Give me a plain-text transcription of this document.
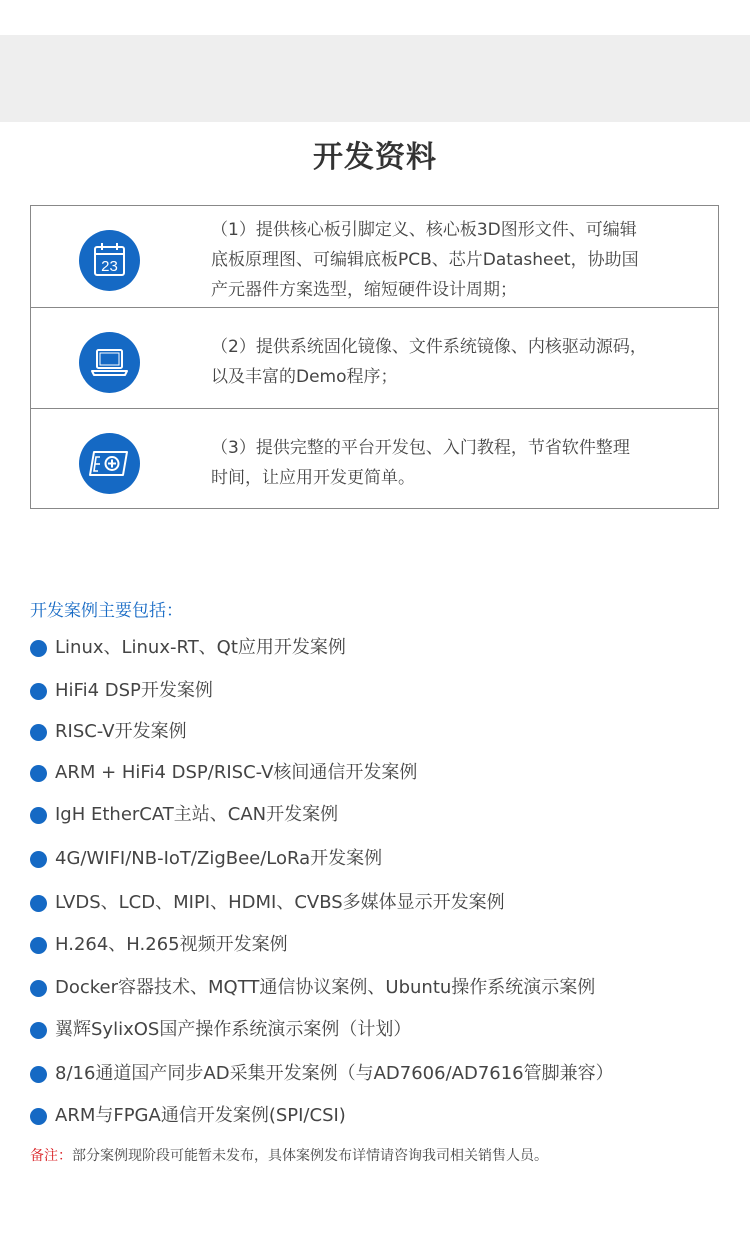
开发资料
23
（1）提供核心板引脚定义、核心板3D图形文件、可编辑
底板原理图、可编辑底板PCB、芯片Datasheet，协助国
产元器件方案选型，缩短硬件设计周期；
（2）提供系统固化镜像、文件系统镜像、内核驱动源码，
以及丰富的Demo程序；
（3）提供完整的平台开发包、入门教程，节省软件整理
时间，让应用开发更简单。
开发案例主要包括：
Linux、Linux-RT、Qt应用开发案例
HiFi4 DSP开发案例
RISC-V开发案例
ARM + HiFi4 DSP/RISC-V核间通信开发案例
IgH EtherCAT主站、CAN开发案例
4G/WIFI/NB-IoT/ZigBee/LoRa开发案例
LVDS、LCD、MIPI、HDMI、CVBS多媒体显示开发案例
H.264、H.265视频开发案例
Docker容器技术、MQTT通信协议案例、Ubuntu操作系统演示案例
翼辉SylixOS国产操作系统演示案例（计划）
8/16通道国产同步AD采集开发案例（与AD7606/AD7616管脚兼容）
ARM与FPGA通信开发案例(SPI/CSI)
备注：部分案例现阶段可能暂未发布，具体案例发布详情请咨询我司相关销售人员。
